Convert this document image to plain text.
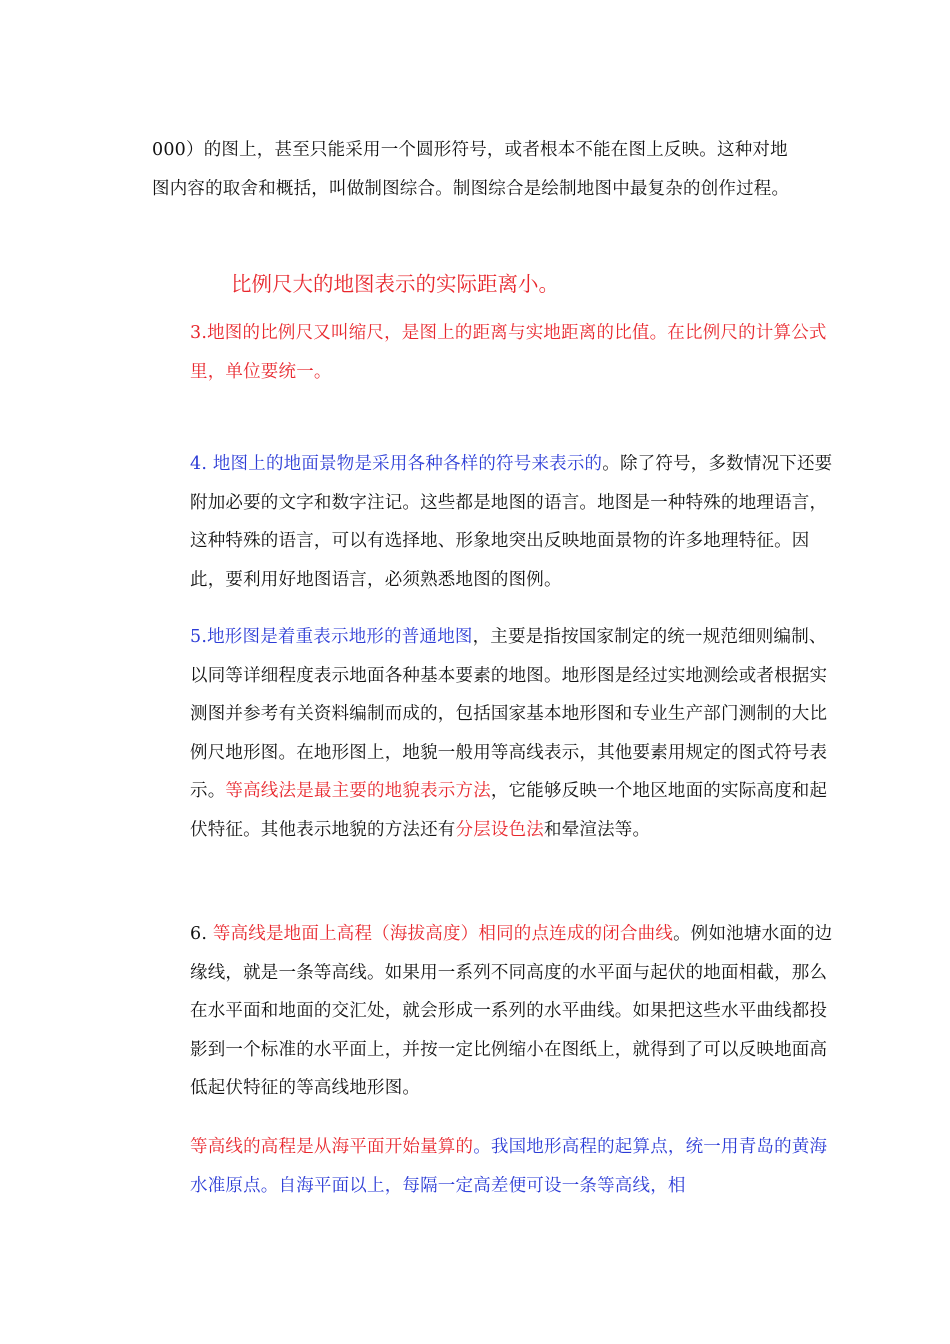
000）的图上，甚至只能采用一个圆形符号，或者根本不能在图上反映。这种对地图内容的取舍和概括，叫做制图综合。制图综合是绘制地图中最复杂的创作过程。

比例尺大的地图表示的实际距离小。

3.地图的比例尺又叫缩尺，是图上的距离与实地距离的比值。在比例尺的计算公式里，单位要统一。

4. 地图上的地面景物是采用各种各样的符号来表示的。除了符号，多数情况下还要附加必要的文字和数字注记。这些都是地图的语言。地图是一种特殊的地理语言，这种特殊的语言，可以有选择地、形象地突出反映地面景物的许多地理特征。因此，要利用好地图语言，必须熟悉地图的图例。

5.地形图是着重表示地形的普通地图，主要是指按国家制定的统一规范细则编制、以同等详细程度表示地面各种基本要素的地图。地形图是经过实地测绘或者根据实测图并参考有关资料编制而成的，包括国家基本地形图和专业生产部门测制的大比例尺地形图。在地形图上，地貌一般用等高线表示，其他要素用规定的图式符号表示。等高线法是最主要的地貌表示方法，它能够反映一个地区地面的实际高度和起伏特征。其他表示地貌的方法还有分层设色法和晕渲法等。

6. 等高线是地面上高程（海拔高度）相同的点连成的闭合曲线。例如池塘水面的边缘线，就是一条等高线。如果用一系列不同高度的水平面与起伏的地面相截，那么在水平面和地面的交汇处，就会形成一系列的水平曲线。如果把这些水平曲线都投影到一个标准的水平面上，并按一定比例缩小在图纸上，就得到了可以反映地面高低起伏特征的等高线地形图。

等高线的高程是从海平面开始量算的。我国地形高程的起算点，统一用青岛的黄海水准原点。自海平面以上，每隔一定高差便可设一条等高线，相
